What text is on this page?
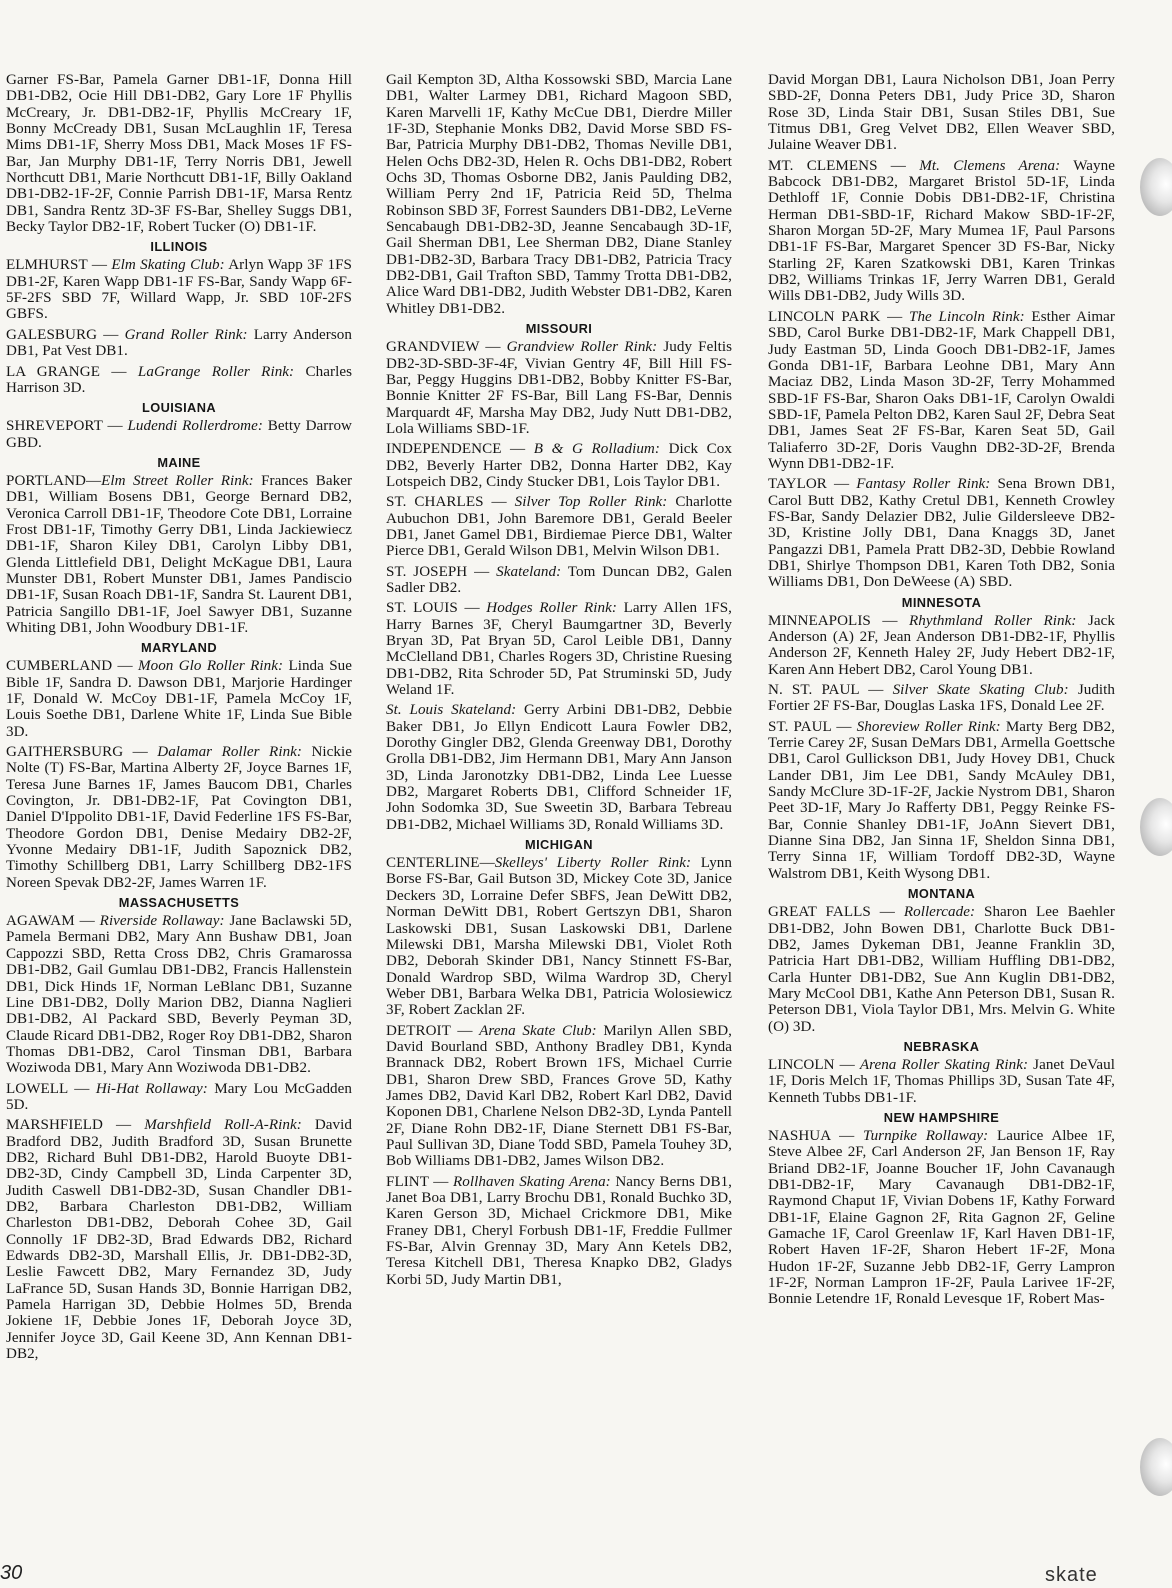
Garner FS-Bar, Pamela Garner DB1-1F, Donna Hill DB1-DB2, Ocie Hill DB1-DB2, Gary Lore 1F Phyllis McCreary, Jr. DB1-DB2-1F, Phyllis McCreary 1F, Bonny McCready DB1, Susan McLaughlin 1F, Teresa Mims DB1-1F, Sherry Moss DB1, Mack Moses 1F FS-Bar, Jan Murphy DB1-1F, Terry Norris DB1, Jewell Northcutt DB1, Marie Northcutt DB1-1F, Billy Oakland DB1-DB2-1F-2F, Connie Parrish DB1-1F, Marsa Rentz DB1, Sandra Rentz 3D-3F FS-Bar, Shelley Suggs DB1, Becky Taylor DB2-1F, Robert Tucker (O) DB1-1F.

ILLINOIS

ELMHURST — Elm Skating Club: Arlyn Wapp 3F 1FS DB1-2F, Karen Wapp DB1-1F FS-Bar, Sandy Wapp 6F-5F-2FS SBD 7F, Willard Wapp, Jr. SBD 10F-2FS GBFS.

GALESBURG — Grand Roller Rink: Larry Anderson DB1, Pat Vest DB1.

LA GRANGE — LaGrange Roller Rink: Charles Harrison 3D.

LOUISIANA

SHREVEPORT — Ludendi Rollerdrome: Betty Darrow GBD.

MAINE

PORTLAND—Elm Street Roller Rink: Frances Baker DB1, William Bosens DB1, George Bernard DB2, Veronica Carroll DB1-1F, Theodore Cote DB1, Lorraine Frost DB1-1F, Timothy Gerry DB1, Linda Jackiewiecz DB1-1F, Sharon Kiley DB1, Carolyn Libby DB1, Glenda Littlefield DB1, Delight McKague DB1, Laura Munster DB1, Robert Munster DB1, James Pandiscio DB1-1F, Susan Roach DB1-1F, Sandra St. Laurent DB1, Patricia Sangillo DB1-1F, Joel Sawyer DB1, Suzanne Whiting DB1, John Woodbury DB1-1F.

MARYLAND

CUMBERLAND — Moon Glo Roller Rink: Linda Sue Bible 1F, Sandra D. Dawson DB1, Marjorie Hardinger 1F, Donald W. McCoy DB1-1F, Pamela McCoy 1F, Louis Soethe DB1, Darlene White 1F, Linda Sue Bible 3D.

GAITHERSBURG — Dalamar Roller Rink: Nickie Nolte (T) FS-Bar, Martina Alberty 2F, Joyce Barnes 1F, Teresa June Barnes 1F, James Baucom DB1, Charles Covington, Jr. DB1-DB2-1F, Pat Covington DB1, Daniel D'Ippolito DB1-1F, David Federline 1FS FS-Bar, Theodore Gordon DB1, Denise Medairy DB2-2F, Yvonne Medairy DB1-1F, Judith Sapoznick DB2, Timothy Schillberg DB1, Larry Schillberg DB2-1FS Noreen Spevak DB2-2F, James Warren 1F.

MASSACHUSETTS

AGAWAM — Riverside Rollaway: Jane Baclawski 5D, Pamela Bermani DB2, Mary Ann Bushaw DB1, Joan Cappozzi SBD, Retta Cross DB2, Chris Gramarossa DB1-DB2, Gail Gumlau DB1-DB2, Francis Hallenstein DB1, Dick Hinds 1F, Norman LeBlanc DB1, Suzanne Line DB1-DB2, Dolly Marion DB2, Dianna Naglieri DB1-DB2, Al Packard SBD, Beverly Peyman 3D, Claude Ricard DB1-DB2, Roger Roy DB1-DB2, Sharon Thomas DB1-DB2, Carol Tinsman DB1, Barbara Woziwoda DB1, Mary Ann Woziwoda DB1-DB2.

LOWELL — Hi-Hat Rollaway: Mary Lou McGadden 5D.

MARSHFIELD — Marshfield Roll-A-Rink: David Bradford DB2, Judith Bradford 3D, Susan Brunette DB2, Richard Buhl DB1-DB2, Harold Buoyte DB1-DB2-3D, Cindy Campbell 3D, Linda Carpenter 3D, Judith Caswell DB1-DB2-3D, Susan Chandler DB1-DB2, Barbara Charleston DB1-DB2, William Charleston DB1-DB2, Deborah Cohee 3D, Gail Connolly 1F DB2-3D, Brad Edwards DB2, Richard Edwards DB2-3D, Marshall Ellis, Jr. DB1-DB2-3D, Leslie Fawcett DB2, Mary Fernandez 3D, Judy LaFrance 5D, Susan Hands 3D, Bonnie Harrigan DB2, Pamela Harrigan 3D, Debbie Holmes 5D, Brenda Jokiene 1F, Debbie Jones 1F, Deborah Joyce 3D, Jennifer Joyce 3D, Gail Keene 3D, Ann Kennan DB1-DB2,

Gail Kempton 3D, Altha Kossowski SBD, Marcia Lane DB1, Walter Larmey DB1, Richard Magoon SBD, Karen Marvelli 1F, Kathy McCue DB1, Dierdre Miller 1F-3D, Stephanie Monks DB2, David Morse SBD FS-Bar, Patricia Murphy DB1-DB2, Thomas Neville DB1, Helen Ochs DB2-3D, Helen R. Ochs DB1-DB2, Robert Ochs 3D, Thomas Osborne DB2, Janis Paulding DB2, William Perry 2nd 1F, Patricia Reid 5D, Thelma Robinson SBD 3F, Forrest Saunders DB1-DB2, LeVerne Sencabaugh DB1-DB2-3D, Jeanne Sencabaugh 3D-1F, Gail Sherman DB1, Lee Sherman DB2, Diane Stanley DB1-DB2-3D, Barbara Tracy DB1-DB2, Patricia Tracy DB2-DB1, Gail Trafton SBD, Tammy Trotta DB1-DB2, Alice Ward DB1-DB2, Judith Webster DB1-DB2, Karen Whitley DB1-DB2.

MISSOURI

GRANDVIEW — Grandview Roller Rink: Judy Feltis DB2-3D-SBD-3F-4F, Vivian Gentry 4F, Bill Hill FS-Bar, Peggy Huggins DB1-DB2, Bobby Knitter FS-Bar, Bonnie Knitter 2F FS-Bar, Bill Lang FS-Bar, Dennis Marquardt 4F, Marsha May DB2, Judy Nutt DB1-DB2, Lola Williams SBD-1F.

INDEPENDENCE — B & G Rolladium: Dick Cox DB2, Beverly Harter DB2, Donna Harter DB2, Kay Lotspeich DB2, Cindy Stucker DB1, Lois Taylor DB1.

ST. CHARLES — Silver Top Roller Rink: Charlotte Aubuchon DB1, John Baremore DB1, Gerald Beeler DB1, Janet Gamel DB1, Birdiemae Pierce DB1, Walter Pierce DB1, Gerald Wilson DB1, Melvin Wilson DB1.

ST. JOSEPH — Skateland: Tom Duncan DB2, Galen Sadler DB2.

ST. LOUIS — Hodges Roller Rink: Larry Allen 1FS, Harry Barnes 3F, Cheryl Baumgartner 3D, Beverly Bryan 3D, Pat Bryan 5D, Carol Leible DB1, Danny McClelland DB1, Charles Rogers 3D, Christine Ruesing DB1-DB2, Rita Schroder 5D, Pat Struminski 5D, Judy Weland 1F.

St. Louis Skateland: Gerry Arbini DB1-DB2, Debbie Baker DB1, Jo Ellyn Endicott Laura Fowler DB2, Dorothy Gingler DB2, Glenda Greenway DB1, Dorothy Grolla DB1-DB2, Jim Hermann DB1, Mary Ann Janson 3D, Linda Jaronotzky DB1-DB2, Linda Lee Luesse DB2, Margaret Roberts DB1, Clifford Schneider 1F, John Sodomka 3D, Sue Sweetin 3D, Barbara Tebreau DB1-DB2, Michael Williams 3D, Ronald Williams 3D.

MICHIGAN

CENTERLINE—Skelleys' Liberty Roller Rink: Lynn Borse FS-Bar, Gail Butson 3D, Mickey Cote 3D, Janice Deckers 3D, Lorraine Defer SBFS, Jean DeWitt DB2, Norman DeWitt DB1, Robert Gertszyn DB1, Sharon Laskowski DB1, Susan Laskowski DB1, Darlene Milewski DB1, Marsha Milewski DB1, Violet Roth DB2, Deborah Skinder DB1, Nancy Stinnett FS-Bar, Donald Wardrop SBD, Wilma Wardrop 3D, Cheryl Weber DB1, Barbara Welka DB1, Patricia Wolosiewicz 3F, Robert Zacklan 2F.

DETROIT — Arena Skate Club: Marilyn Allen SBD, David Bourland SBD, Anthony Bradley DB1, Kynda Brannack DB2, Robert Brown 1FS, Michael Currie DB1, Sharon Drew SBD, Frances Grove 5D, Kathy James DB2, David Karl DB2, Robert Karl DB2, David Koponen DB1, Charlene Nelson DB2-3D, Lynda Pantell 2F, Diane Rohn DB2-1F, Diane Sternett DB1 FS-Bar, Paul Sullivan 3D, Diane Todd SBD, Pamela Touhey 3D, Bob Williams DB1-DB2, James Wilson DB2.

FLINT — Rollhaven Skating Arena: Nancy Berns DB1, Janet Boa DB1, Larry Brochu DB1, Ronald Buchko 3D, Karen Gerson 3D, Michael Crickmore DB1, Mike Franey DB1, Cheryl Forbush DB1-1F, Freddie Fullmer FS-Bar, Alvin Grennay 3D, Mary Ann Ketels DB2, Teresa Kitchell DB1, Theresa Knapko DB2, Gladys Korbi 5D, Judy Martin DB1,

David Morgan DB1, Laura Nicholson DB1, Joan Perry SBD-2F, Donna Peters DB1, Judy Price 3D, Sharon Rose 3D, Linda Stair DB1, Susan Stiles DB1, Sue Titmus DB1, Greg Velvet DB2, Ellen Weaver SBD, Julaine Weaver DB1.

MT. CLEMENS — Mt. Clemens Arena: Wayne Babcock DB1-DB2, Margaret Bristol 5D-1F, Linda Dethloff 1F, Connie Dobis DB1-DB2-1F, Christina Herman DB1-SBD-1F, Richard Makow SBD-1F-2F, Sharon Morgan 5D-2F, Mary Mumea 1F, Paul Parsons DB1-1F FS-Bar, Margaret Spencer 3D FS-Bar, Nicky Starling 2F, Karen Szatkowski DB1, Karen Trinkas DB2, Williams Trinkas 1F, Jerry Warren DB1, Gerald Wills DB1-DB2, Judy Wills 3D.

LINCOLN PARK — The Lincoln Rink: Esther Aimar SBD, Carol Burke DB1-DB2-1F, Mark Chappell DB1, Judy Eastman 5D, Linda Gooch DB1-DB2-1F, James Gonda DB1-1F, Barbara Leohne DB1, Mary Ann Maciaz DB2, Linda Mason 3D-2F, Terry Mohammed SBD-1F FS-Bar, Sharon Oaks DB1-1F, Carolyn Owaldi SBD-1F, Pamela Pelton DB2, Karen Saul 2F, Debra Seat DB1, James Seat 2F FS-Bar, Karen Seat 5D, Gail Taliaferro 3D-2F, Doris Vaughn DB2-3D-2F, Brenda Wynn DB1-DB2-1F.

TAYLOR — Fantasy Roller Rink: Sena Brown DB1, Carol Butt DB2, Kathy Cretul DB1, Kenneth Crowley FS-Bar, Sandy Delazier DB2, Julie Gildersleeve DB2-3D, Kristine Jolly DB1, Dana Knaggs 3D, Janet Pangazzi DB1, Pamela Pratt DB2-3D, Debbie Rowland DB1, Shirlye Thompson DB1, Karen Toth DB2, Sonia Williams DB1, Don DeWeese (A) SBD.

MINNESOTA

MINNEAPOLIS — Rhythmland Roller Rink: Jack Anderson (A) 2F, Jean Anderson DB1-DB2-1F, Phyllis Anderson 2F, Kenneth Haley 2F, Judy Hebert DB2-1F, Karen Ann Hebert DB2, Carol Young DB1.

N. ST. PAUL — Silver Skate Skating Club: Judith Fortier 2F FS-Bar, Douglas Laska 1FS, Donald Lee 2F.

ST. PAUL — Shoreview Roller Rink: Marty Berg DB2, Terrie Carey 2F, Susan DeMars DB1, Armella Goettsche DB1, Carol Gullickson DB1, Judy Hovey DB1, Chuck Lander DB1, Jim Lee DB1, Sandy McAuley DB1, Sandy McClure 3D-1F-2F, Jackie Nystrom DB1, Sharon Peet 3D-1F, Mary Jo Rafferty DB1, Peggy Reinke FS-Bar, Connie Shanley DB1-1F, JoAnn Sievert DB1, Dianne Sina DB2, Jan Sinna 1F, Sheldon Sinna DB1, Terry Sinna 1F, William Tordoff DB2-3D, Wayne Walstrom DB1, Keith Wysong DB1.

MONTANA

GREAT FALLS — Rollercade: Sharon Lee Baehler DB1-DB2, John Bowen DB1, Charlotte Buck DB1-DB2, James Dykeman DB1, Jeanne Franklin 3D, Patricia Hart DB1-DB2, William Huffling DB1-DB2, Carla Hunter DB1-DB2, Sue Ann Kuglin DB1-DB2, Mary McCool DB1, Kathe Ann Peterson DB1, Susan R. Peterson DB1, Viola Taylor DB1, Mrs. Melvin G. White (O) 3D.

NEBRASKA

LINCOLN — Arena Roller Skating Rink: Janet DeVaul 1F, Doris Melch 1F, Thomas Phillips 3D, Susan Tate 4F, Kenneth Tubbs DB1-1F.

NEW HAMPSHIRE

NASHUA — Turnpike Rollaway: Laurice Albee 1F, Steve Albee 2F, Carl Anderson 2F, Jan Benson 1F, Ray Briand DB2-1F, Joanne Boucher 1F, John Cavanaugh DB1-DB2-1F, Mary Cavanaugh DB1-DB2-1F, Raymond Chaput 1F, Vivian Dobens 1F, Kathy Forward DB1-1F, Elaine Gagnon 2F, Rita Gagnon 2F, Geline Gamache 1F, Carol Greenlaw 1F, Karl Haven DB1-1F, Robert Haven 1F-2F, Sharon Hebert 1F-2F, Mona Hudon 1F-2F, Suzanne Jebb DB2-1F, Gerry Lampron 1F-2F, Norman Lampron 1F-2F, Paula Larivee 1F-2F, Bonnie Letendre 1F, Ronald Levesque 1F, Robert Mas-

30	skate
